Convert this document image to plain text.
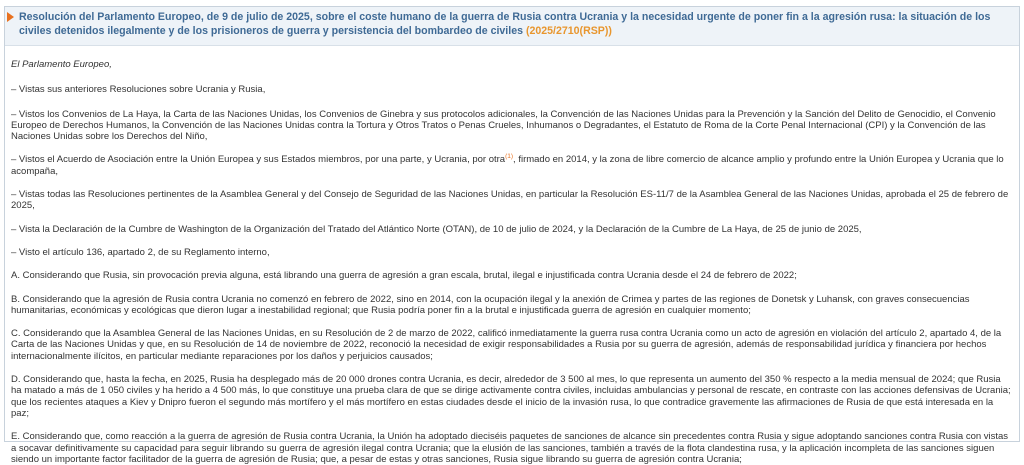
Resolución del Parlamento Europeo, de 9 de julio de 2025, sobre el coste humano de la guerra de Rusia contra Ucrania y la necesidad urgente de poner fin a la agresión rusa: la situación de los civiles detenidos ilegalmente y de los prisioneros de guerra y persistencia del bombardeo de civiles (2025/2710(RSP))

El Parlamento Europeo,

– Vistas sus anteriores Resoluciones sobre Ucrania y Rusia,

– Vistos los Convenios de La Haya, la Carta de las Naciones Unidas, los Convenios de Ginebra y sus protocolos adicionales, la Convención de las Naciones Unidas para la Prevención y la Sanción del Delito de Genocidio, el Convenio Europeo de Derechos Humanos, la Convención de las Naciones Unidas contra la Tortura y Otros Tratos o Penas Crueles, Inhumanos o Degradantes, el Estatuto de Roma de la Corte Penal Internacional (CPI) y la Convención de las Naciones Unidas sobre los Derechos del Niño,

– Vistos el Acuerdo de Asociación entre la Unión Europea y sus Estados miembros, por una parte, y Ucrania, por otra$^{(1)}$, firmado en 2014, y la zona de libre comercio de alcance amplio y profundo entre la Unión Europea y Ucrania que lo acompaña,

– Vistas todas las Resoluciones pertinentes de la Asamblea General y del Consejo de Seguridad de las Naciones Unidas, en particular la Resolución ES-11/7 de la Asamblea General de las Naciones Unidas, aprobada el 25 de febrero de 2025,

– Vista la Declaración de la Cumbre de Washington de la Organización del Tratado del Atlántico Norte (OTAN), de 10 de julio de 2024, y la Declaración de la Cumbre de La Haya, de 25 de junio de 2025,

– Visto el artículo 136, apartado 2, de su Reglamento interno,

A. Considerando que Rusia, sin provocación previa alguna, está librando una guerra de agresión a gran escala, brutal, ilegal e injustificada contra Ucrania desde el 24 de febrero de 2022;

B. Considerando que la agresión de Rusia contra Ucrania no comenzó en febrero de 2022, sino en 2014, con la ocupación ilegal y la anexión de Crimea y partes de las regiones de Donetsk y Luhansk, con graves consecuencias humanitarias, económicas y ecológicas que dieron lugar a inestabilidad regional; que Rusia podría poner fin a la brutal e injustificada guerra de agresión en cualquier momento;

C. Considerando que la Asamblea General de las Naciones Unidas, en su Resolución de 2 de marzo de 2022, calificó inmediatamente la guerra rusa contra Ucrania como un acto de agresión en violación del artículo 2, apartado 4, de la Carta de las Naciones Unidas y que, en su Resolución de 14 de noviembre de 2022, reconoció la necesidad de exigir responsabilidades a Rusia por su guerra de agresión, además de responsabilidad jurídica y financiera por hechos internacionalmente ilícitos, en particular mediante reparaciones por los daños y perjuicios causados;

D. Considerando que, hasta la fecha, en 2025, Rusia ha desplegado más de 20 000 drones contra Ucrania, es decir, alrededor de 3 500 al mes, lo que representa un aumento del 350 % respecto a la media mensual de 2024; que Rusia ha matado a más de 1 050 civiles y ha herido a 4 500 más, lo que constituye una prueba clara de que se dirige activamente contra civiles, incluidas ambulancias y personal de rescate, en contraste con las acciones defensivas de Ucrania; que los recientes ataques a Kiev y Dnipro fueron el segundo más mortífero y el más mortífero en estas ciudades desde el inicio de la invasión rusa, lo que contradice gravemente las afirmaciones de Rusia de que está interesada en la paz;

E. Considerando que, como reacción a la guerra de agresión de Rusia contra Ucrania, la Unión ha adoptado dieciséis paquetes de sanciones de alcance sin precedentes contra Rusia y sigue adoptando sanciones contra Rusia con vistas a socavar definitivamente su capacidad para seguir librando su guerra de agresión ilegal contra Ucrania; que la elusión de las sanciones, también a través de la flota clandestina rusa, y la aplicación incompleta de las sanciones siguen siendo un importante factor facilitador de la guerra de agresión de Rusia; que, a pesar de estas y otras sanciones, Rusia sigue librando su guerra de agresión contra Ucrania;
